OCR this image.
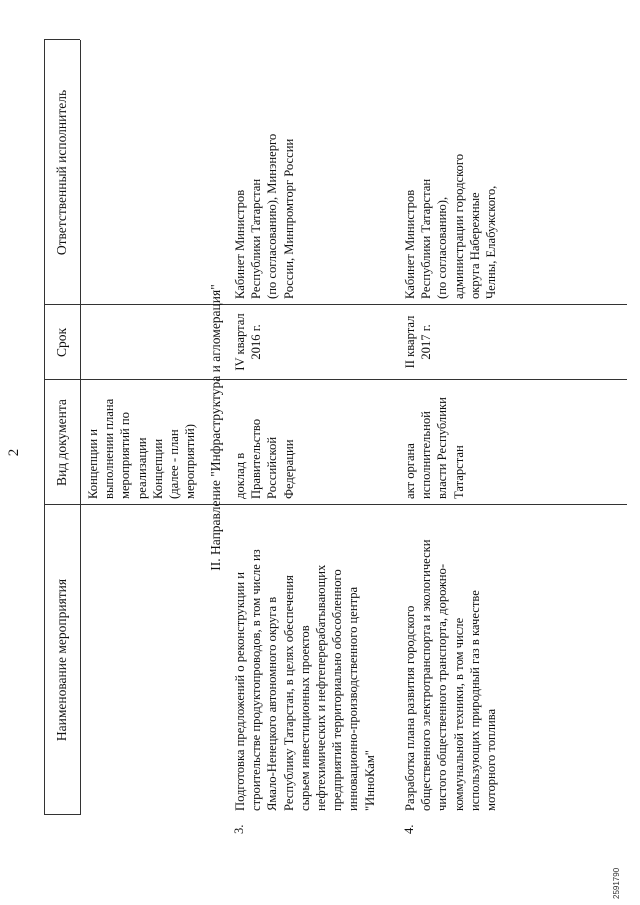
2
Наименование мероприятия
Вид документа
Срок
Ответственный исполнитель
Концепции и
выполнении плана
мероприятий по
реализации
Концепции
(далее - план
мероприятий) II. Направление "Инфраструктура и агломерация"
3.
Подготовка предложений о реконструкции и
строительстве продуктопроводов, в том числе из
Ямало-Ненецкого автономного округа в
Республику Татарстан, в целях обеспечения
сырьем инвестиционных проектов
нефтехимических и нефтеперерабатывающих
предприятий территориально обособленного
инновационно-производственного центра
"ИнноКам"
доклад в
Правительство
Российской
Федерации
IV квартал
2016 г.
Кабинет Министров
Республики Татарстан
(по согласованию), Минэнерго
России, Минпромторг России
4.
Разработка плана развития городского
общественного электротранспорта и экологически
чистого общественного транспорта, дорожно-
коммунальной техники, в том числе
использующих природный газ в качестве
моторного топлива
акт органа
исполнительной
власти Республики
Татарстан
II квартал
2017 г.
Кабинет Министров
Республики Татарстан
(по согласованию),
администрации городского
округа Набережные
Челны, Елабужского,
2591790
